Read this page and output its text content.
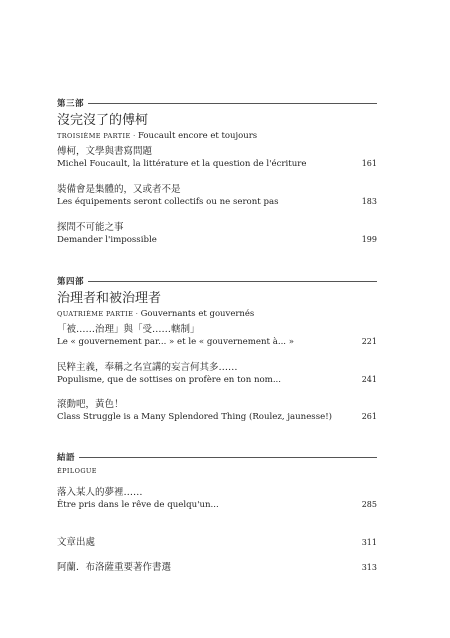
第三部
沒完沒了的傅柯
TROISIÈME PARTIE · Foucault encore et toujours
傅柯，文學與書寫問題
Michel Foucault, la littérature et la question de l'écriture	161
裝備會是集體的，又或者不是
Les équipements seront collectifs ou ne seront pas	183
探問不可能之事
Demander l'impossible	199
第四部
治理者和被治理者
QUATRIÈME PARTIE · Gouvernants et gouvernés
「被……治理」與「受……轄制」
Le « gouvernement par... » et le « gouvernement à... »	221
民粹主義，奉稱之名宣講的妄言何其多……
Populisme, que de sottises on profère en ton nom...	241
滾動吧，黃色！
Class Struggle is a Many Splendored Thing (Roulez, jaunesse!)	261
結語
ÉPILOGUE
落入某人的夢裡……
Être pris dans le rêve de quelqu'un...	285
文章出處	311
阿蘭．布洛薩重要著作書選	313
